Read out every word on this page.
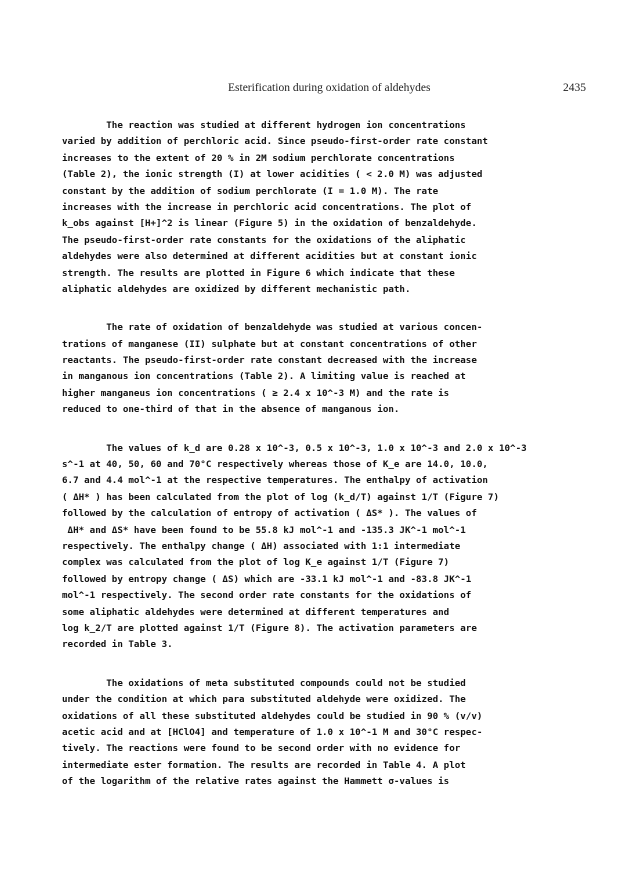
Esterification during oxidation of aldehydes	2435
The reaction was studied at different hydrogen ion concentrations
varied by addition of perchloric acid. Since pseudo-first-order rate constant
increases to the extent of 20 % in 2M sodium perchlorate concentrations
(Table 2), the ionic strength (I) at lower acidities ( < 2.0 M) was adjusted
constant by the addition of sodium perchlorate (I = 1.0 M). The rate
increases with the increase in perchloric acid concentrations. The plot of
k_obs against [H+]^2 is linear (Figure 5) in the oxidation of benzaldehyde.
The pseudo-first-order rate constants for the oxidations of the aliphatic
aldehydes were also determined at different acidities but at constant ionic
strength. The results are plotted in Figure 6 which indicate that these
aliphatic aldehydes are oxidized by different mechanistic path.
The rate of oxidation of benzaldehyde was studied at various concen-
trations of manganese (II) sulphate but at constant concentrations of other
reactants. The pseudo-first-order rate constant decreased with the increase
in manganous ion concentrations (Table 2). A limiting value is reached at
higher manganeus ion concentrations ( ≥ 2.4 x 10^-3 M) and the rate is
reduced to one-third of that in the absence of manganous ion.
The values of k_d are 0.28 x 10^-3, 0.5 x 10^-3, 1.0 x 10^-3 and 2.0 x 10^-3
s^-1 at 40, 50, 60 and 70°C respectively whereas those of K_e are 14.0, 10.0,
6.7 and 4.4 mol^-1 at the respective temperatures. The enthalpy of activation
( ΔH* ) has been calculated from the plot of log (k_d/T) against 1/T (Figure 7)
followed by the calculation of entropy of activation ( ΔS* ). The values of
ΔH* and ΔS* have been found to be 55.8 kJ mol^-1 and -135.3 JK^-1 mol^-1
respectively. The enthalpy change ( ΔH) associated with 1:1 intermediate
complex was calculated from the plot of log K_e against 1/T (Figure 7)
followed by entropy change ( ΔS) which are -33.1 kJ mol^-1 and -83.8 JK^-1
mol^-1 respectively. The second order rate constants for the oxidations of
some aliphatic aldehydes were determined at different temperatures and
log k_2/T are plotted against 1/T (Figure 8). The activation parameters are
recorded in Table 3.
The oxidations of meta substituted compounds could not be studied
under the condition at which para substituted aldehyde were oxidized. The
oxidations of all these substituted aldehydes could be studied in 90 % (v/v)
acetic acid and at [HClO4] and temperature of 1.0 x 10^-1 M and 30°C respec-
tively. The reactions were found to be second order with no evidence for
intermediate ester formation. The results are recorded in Table 4. A plot
of the logarithm of the relative rates against the Hammett σ-values is
